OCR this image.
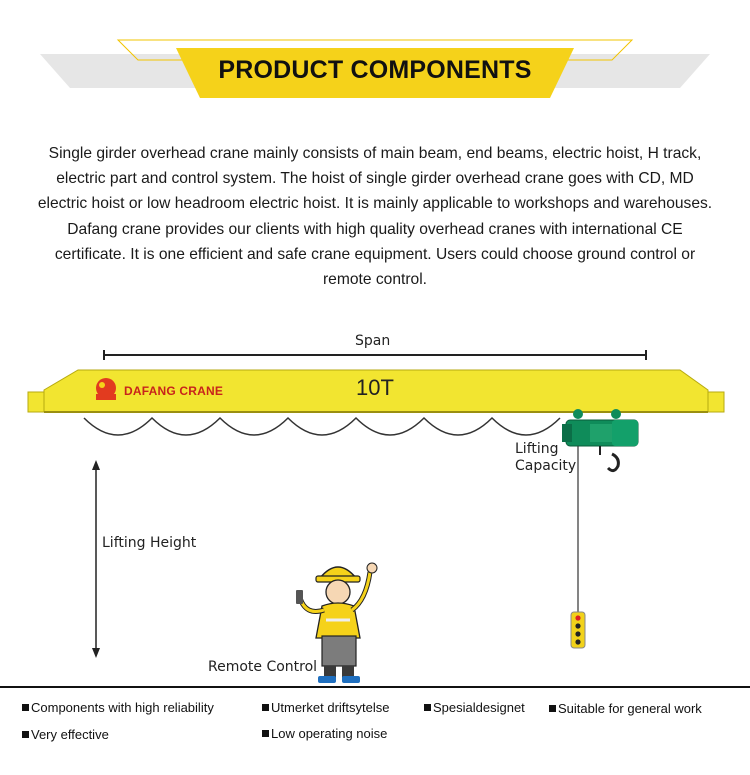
PRODUCT COMPONENTS
Single girder overhead crane mainly consists of main beam, end beams, electric hoist, H track, electric part and control system. The hoist of single girder overhead crane goes with CD, MD electric hoist or low headroom electric hoist. It is mainly applicable to workshops and warehouses. Dafang crane provides our clients with high quality overhead cranes with international CE certificate. It is one efficient and safe crane equipment. Users could choose ground control or remote control.
Span
10T
DAFANG CRANE
Lifting Capacity
Lifting Height
Remote Control
Components with high reliability	Utmerket driftsytelse	Spesialdesignet	Suitable for general work
Very effective	Low operating noise
